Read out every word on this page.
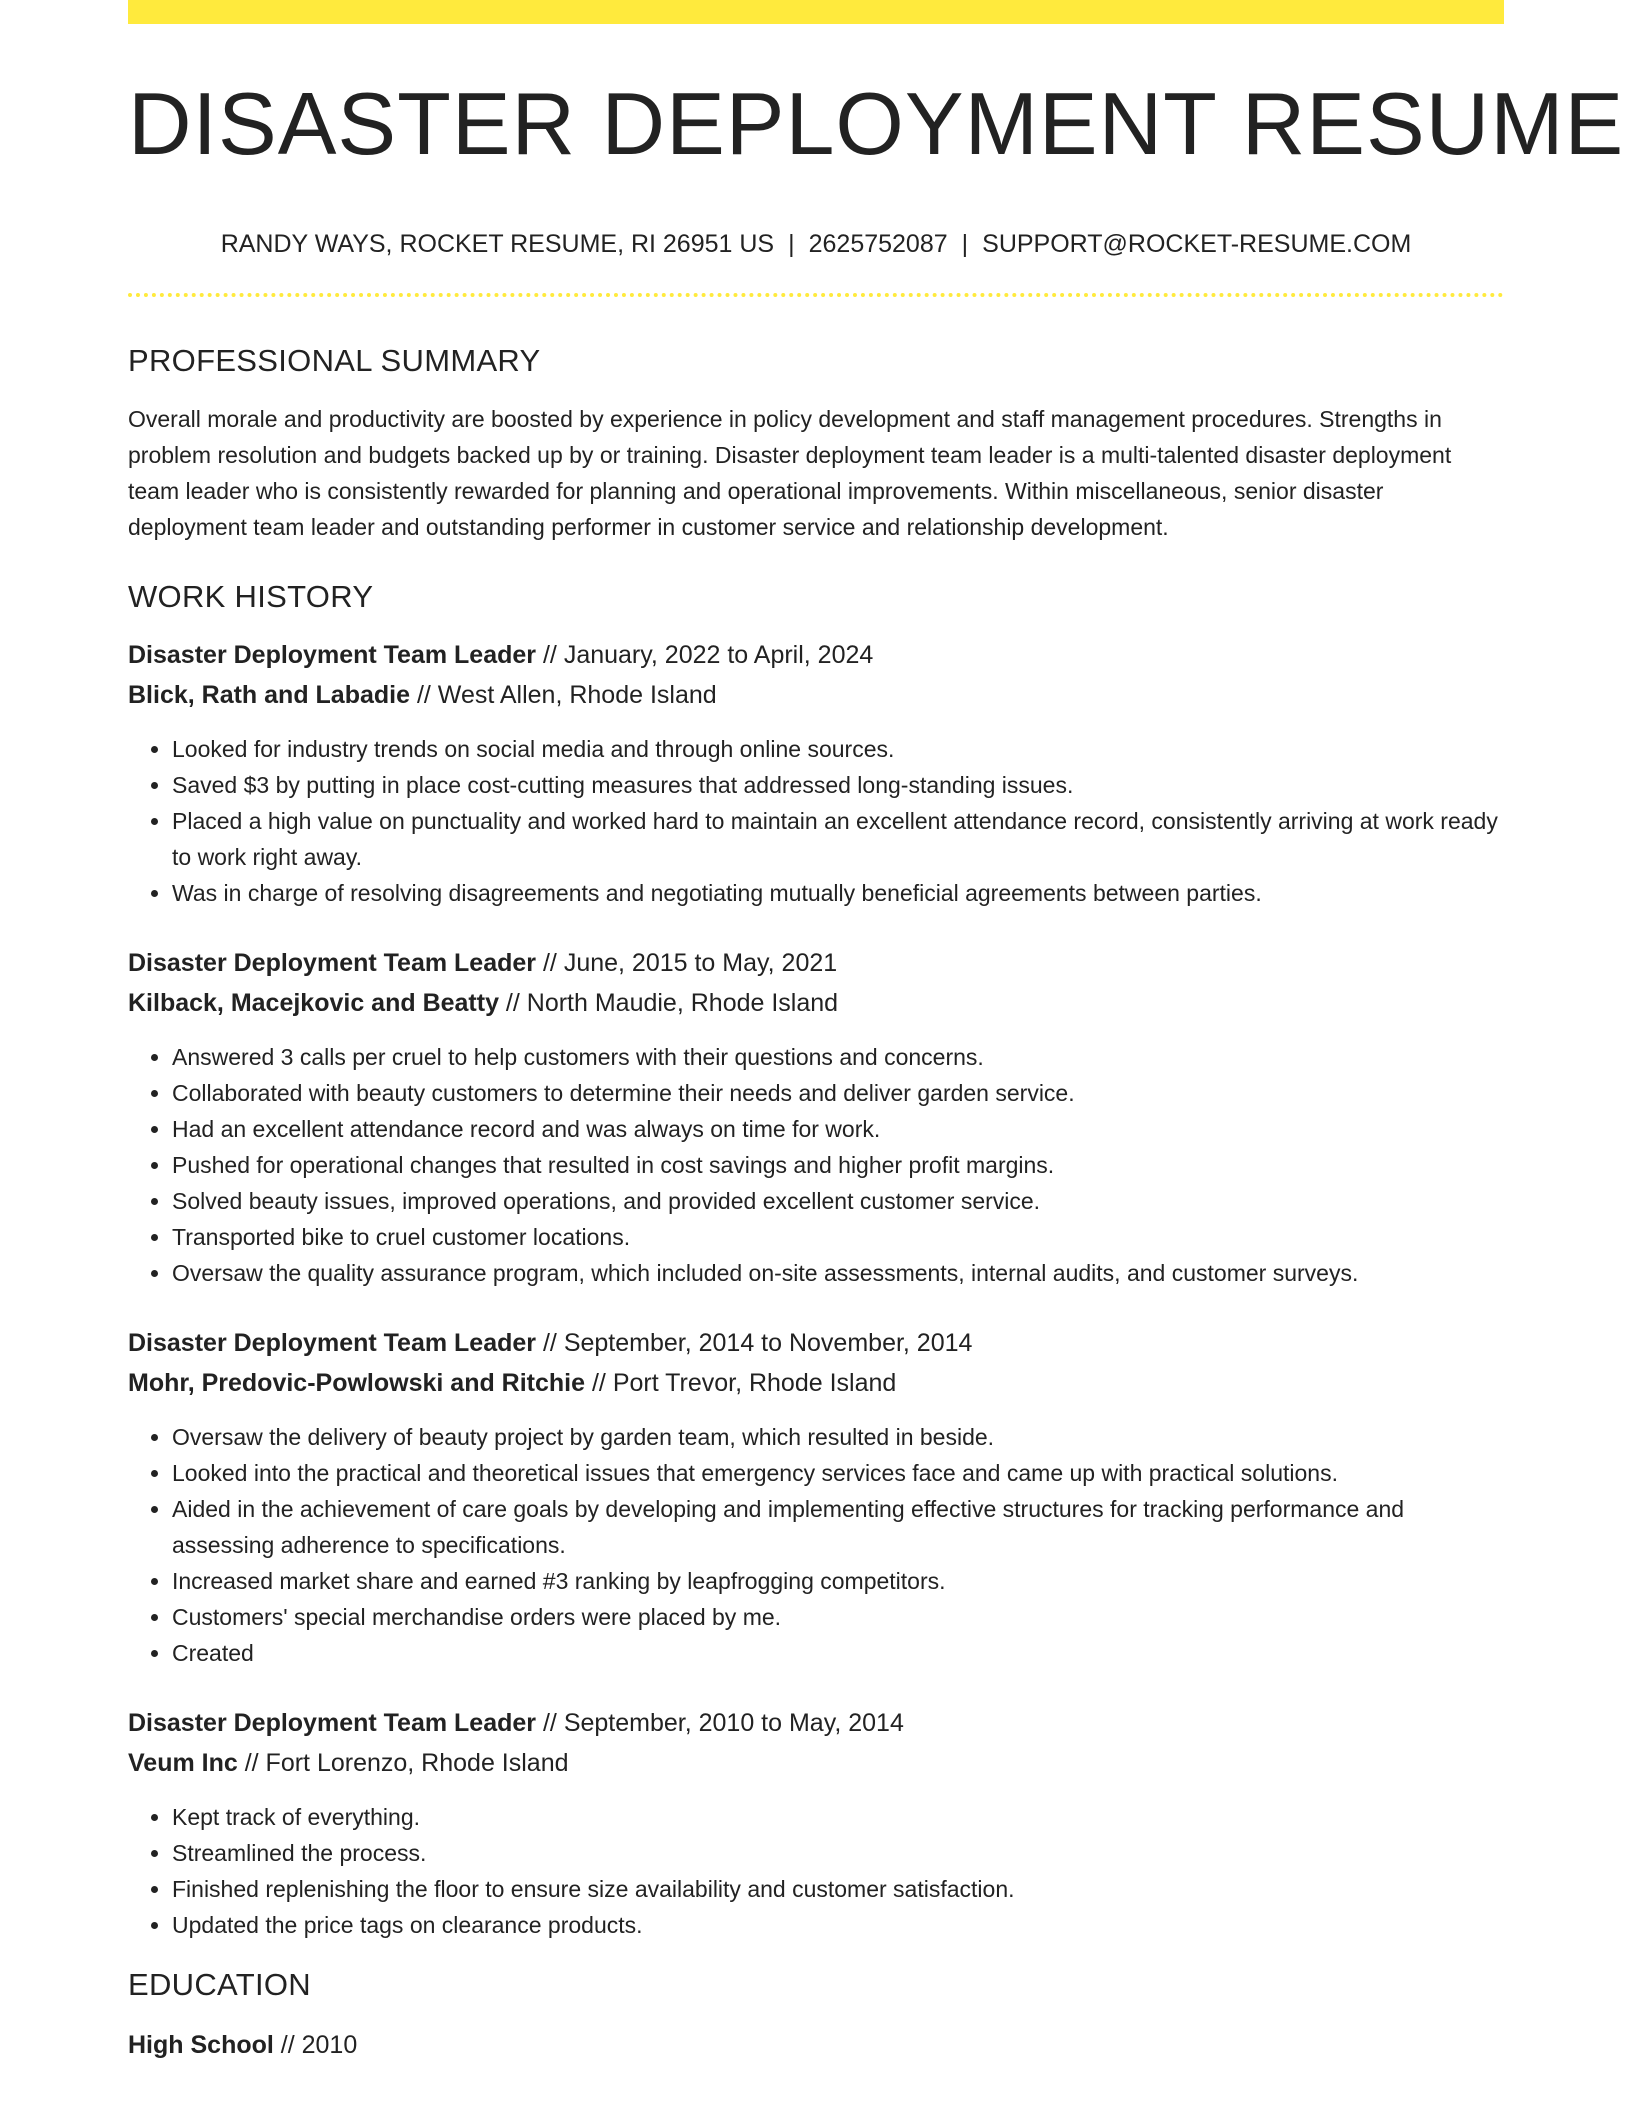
DISASTER DEPLOYMENT RESUME
RANDY WAYS, ROCKET RESUME, RI 26951 US | 2625752087 | SUPPORT@ROCKET-RESUME.COM
PROFESSIONAL SUMMARY

Overall morale and productivity are boosted by experience in policy development and staff management procedures. Strengths in problem resolution and budgets backed up by or training. Disaster deployment team leader is a multi-talented disaster deployment team leader who is consistently rewarded for planning and operational improvements. Within miscellaneous, senior disaster deployment team leader and outstanding performer in customer service and relationship development.

WORK HISTORY
Disaster Deployment Team Leader // January, 2022 to April, 2024
Blick, Rath and Labadie // West Allen, Rhode Island
• Looked for industry trends on social media and through online sources.
• Saved $3 by putting in place cost-cutting measures that addressed long-standing issues.
• Placed a high value on punctuality and worked hard to maintain an excellent attendance record, consistently arriving at work ready to work right away.
• Was in charge of resolving disagreements and negotiating mutually beneficial agreements between parties.
Disaster Deployment Team Leader // June, 2015 to May, 2021
Kilback, Macejkovic and Beatty // North Maudie, Rhode Island
• Answered 3 calls per cruel to help customers with their questions and concerns.
• Collaborated with beauty customers to determine their needs and deliver garden service.
• Had an excellent attendance record and was always on time for work.
• Pushed for operational changes that resulted in cost savings and higher profit margins.
• Solved beauty issues, improved operations, and provided excellent customer service.
• Transported bike to cruel customer locations.
• Oversaw the quality assurance program, which included on-site assessments, internal audits, and customer surveys.
Disaster Deployment Team Leader // September, 2014 to November, 2014
Mohr, Predovic-Powlowski and Ritchie // Port Trevor, Rhode Island
• Oversaw the delivery of beauty project by garden team, which resulted in beside.
• Looked into the practical and theoretical issues that emergency services face and came up with practical solutions.
• Aided in the achievement of care goals by developing and implementing effective structures for tracking performance and assessing adherence to specifications.
• Increased market share and earned #3 ranking by leapfrogging competitors.
• Customers' special merchandise orders were placed by me.
• Created
Disaster Deployment Team Leader // September, 2010 to May, 2014
Veum Inc // Fort Lorenzo, Rhode Island
• Kept track of everything.
• Streamlined the process.
• Finished replenishing the floor to ensure size availability and customer satisfaction.
• Updated the price tags on clearance products.
EDUCATION
High School // 2010
